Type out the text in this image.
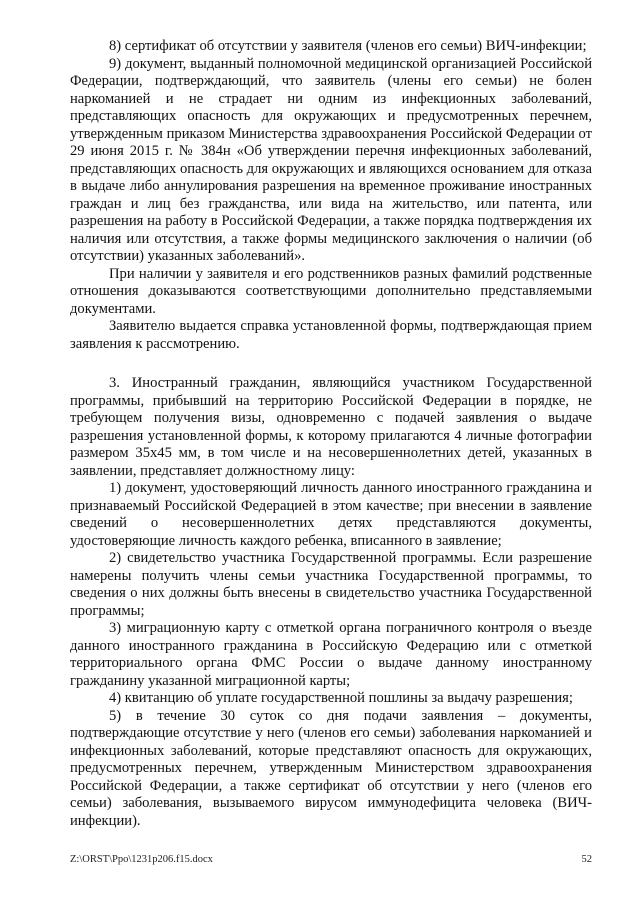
8) сертификат об отсутствии у заявителя (членов его семьи) ВИЧ-инфекции;

9) документ, выданный полномочной медицинской организацией Российской Федерации, подтверждающий, что заявитель (члены его семьи) не болен наркоманией и не страдает ни одним из инфекционных заболеваний, представляющих опасность для окружающих и предусмотренных перечнем, утвержденным приказом Министерства здравоохранения Российской Федерации от 29 июня 2015 г. № 384н «Об утверждении перечня инфекционных заболеваний, представляющих опасность для окружающих и являющихся основанием для отказа в выдаче либо аннулирования разрешения на временное проживание иностранных граждан и лиц без гражданства, или вида на жительство, или патента, или разрешения на работу в Российской Федерации, а также порядка подтверждения их наличия или отсутствия, а также формы медицинского заключения о наличии (об отсутствии) указанных заболеваний».

При наличии у заявителя и его родственников разных фамилий родственные отношения доказываются соответствующими дополнительно представляемыми документами.

Заявителю выдается справка установленной формы, подтверждающая прием заявления к рассмотрению.

3. Иностранный гражданин, являющийся участником Государственной программы, прибывший на территорию Российской Федерации в порядке, не требующем получения визы, одновременно с подачей заявления о выдаче разрешения установленной формы, к которому прилагаются 4 личные фотографии размером 35x45 мм, в том числе и на несовершеннолетних детей, указанных в заявлении, представляет должностному лицу:

1) документ, удостоверяющий личность данного иностранного гражданина и признаваемый Российской Федерацией в этом качестве; при внесении в заявление сведений о несовершеннолетних детях представляются документы, удостоверяющие личность каждого ребенка, вписанного в заявление;

2) свидетельство участника Государственной программы. Если разрешение намерены получить члены семьи участника Государственной программы, то сведения о них должны быть внесены в свидетельство участника Государственной программы;

3) миграционную карту с отметкой органа пограничного контроля о въезде данного иностранного гражданина в Российскую Федерацию или с отметкой территориального органа ФМС России о выдаче данному иностранному гражданину указанной миграционной карты;

4) квитанцию об уплате государственной пошлины за выдачу разрешения;

5) в течение 30 суток со дня подачи заявления – документы, подтверждающие отсутствие у него (членов его семьи) заболевания наркоманией и инфекционных заболеваний, которые представляют опасность для окружающих, предусмотренных перечнем, утвержденным Министерством здравоохранения Российской Федерации, а также сертификат об отсутствии у него (членов его семьи) заболевания, вызываемого вирусом иммунодефицита человека (ВИЧ-инфекции).

Z:\ORST\Ppo\1231p206.f15.docx	52
